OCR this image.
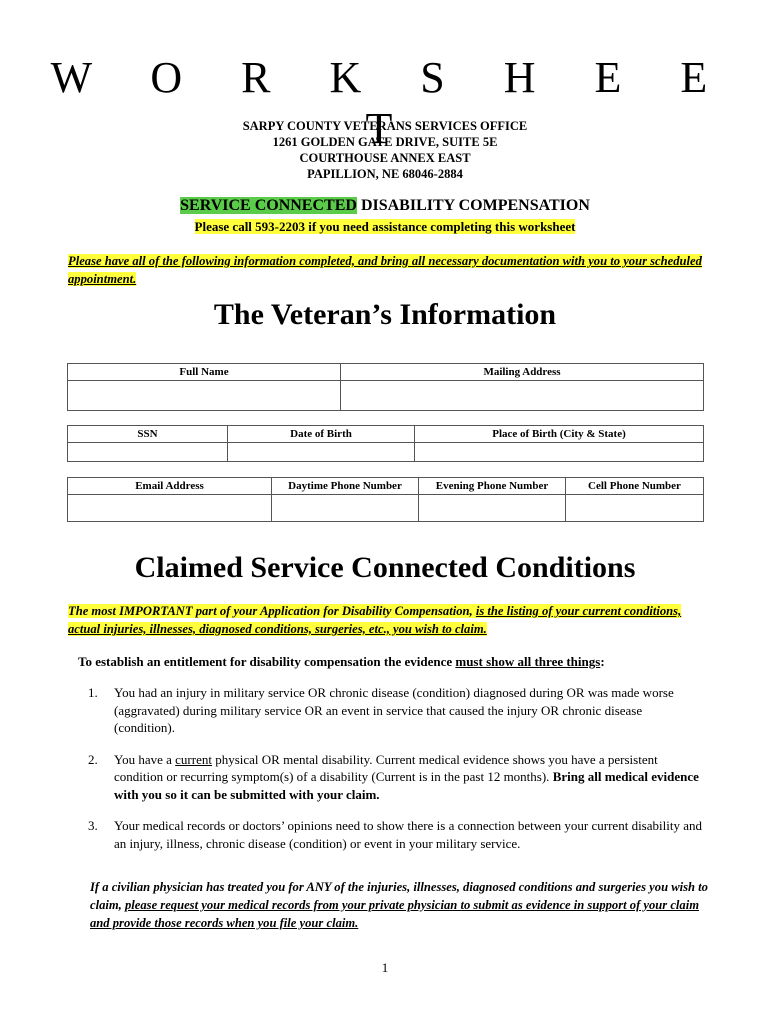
W O R K S H E E T
SARPY COUNTY VETERANS SERVICES OFFICE
1261 GOLDEN GATE DRIVE, SUITE 5E
COURTHOUSE ANNEX EAST
PAPILLION, NE 68046-2884
SERVICE CONNECTED DISABILITY COMPENSATION
Please call 593-2203 if you need assistance completing this worksheet
Please have all of the following information completed, and bring all necessary documentation with you to your scheduled appointment.
The Veteran’s Information
Full Name	Mailing Address

SSN	Date of Birth	Place of Birth (City & State)

Email Address	Daytime Phone Number	Evening Phone Number	Cell Phone Number

Claimed Service Connected Conditions
The most IMPORTANT part of your Application for Disability Compensation, is the listing of your current conditions, actual injuries, illnesses, diagnosed conditions, surgeries, etc., you wish to claim.
To establish an entitlement for disability compensation the evidence must show all three things:
1. You had an injury in military service OR chronic disease (condition) diagnosed during OR was made worse (aggravated) during military service OR an event in service that caused the injury OR chronic disease (condition).
2. You have a current physical OR mental disability. Current medical evidence shows you have a persistent condition or recurring symptom(s) of a disability (Current is in the past 12 months). Bring all medical evidence with you so it can be submitted with your claim.
3. Your medical records or doctors’ opinions need to show there is a connection between your current disability and an injury, illness, chronic disease (condition) or event in your military service.
If a civilian physician has treated you for ANY of the injuries, illnesses, diagnosed conditions and surgeries you wish to claim, please request your medical records from your private physician to submit as evidence in support of your claim and provide those records when you file your claim.
1
